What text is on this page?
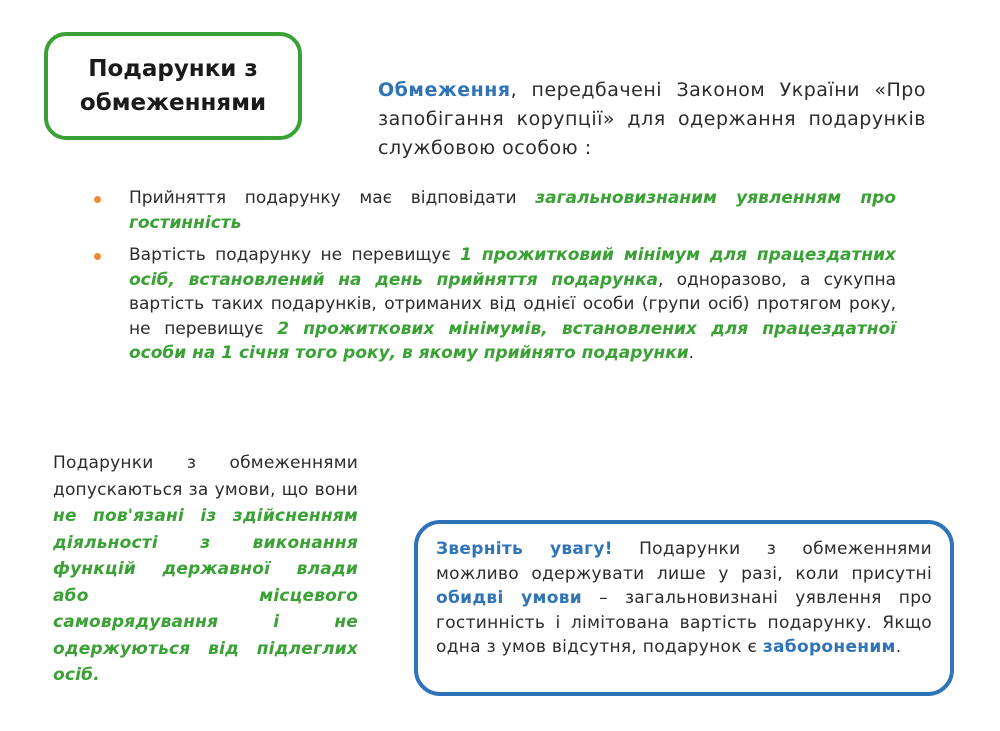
Подарунки з
обмеженнями	Обмеження, передбачені Законом України «Про запобігання корупції» для одержання подарунків службовою особою :
Прийняття подарунку має відповідати загальновизнаним уявленням про гостинність
Вартість подарунку не перевищує 1 прожитковий мінімум для працездатних осіб, встановлений на день прийняття подарунка, одноразово, а сукупна вартість таких подарунків, отриманих від однієї особи (групи осіб) протягом року, не перевищує 2 прожиткових мінімумів, встановлених для працездатної особи на 1 січня того року, в якому прийнято подарунки.
Подарунки з обмеженнями допускаються за умови, що вони не пов'язані із здійсненням діяльності з виконання функцій державної влади або місцевого самоврядування і не одержуються від підлеглих осіб.
Зверніть увагу! Подарунки з обмеженнями можливо одержувати лише у разі, коли присутні обидві умови – загальновизнані уявлення про гостинність і лімітована вартість подарунку. Якщо одна з умов відсутня, подарунок є забороненим.
